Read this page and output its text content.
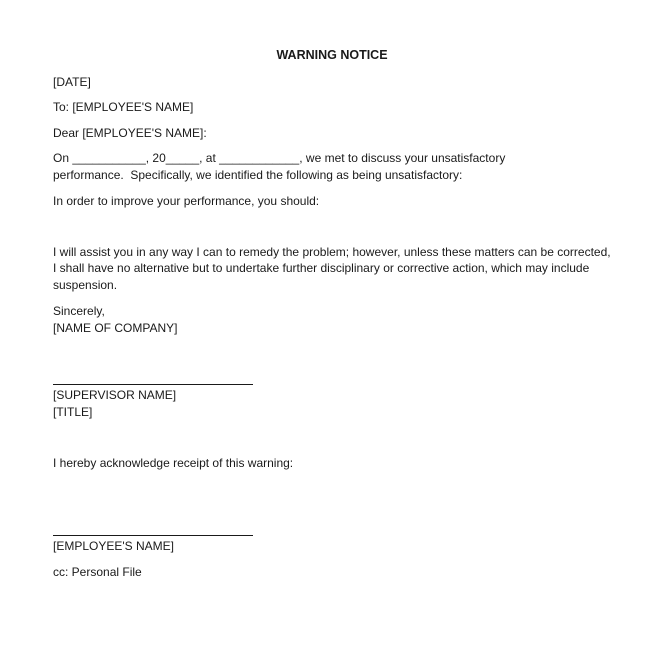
WARNING NOTICE
[DATE]
To: [EMPLOYEE'S NAME]
Dear [EMPLOYEE'S NAME]:
On ___________, 20_____, at ____________, we met to discuss your unsatisfactory
performance.  Specifically, we identified the following as being unsatisfactory:
In order to improve your performance, you should:
I will assist you in any way I can to remedy the problem; however, unless these matters can be corrected,
I shall have no alternative but to undertake further disciplinary or corrective action, which may include
suspension.
Sincerely,
[NAME OF COMPANY]
[SUPERVISOR NAME]
[TITLE]
I hereby acknowledge receipt of this warning:
[EMPLOYEE'S NAME]
cc: Personal File
